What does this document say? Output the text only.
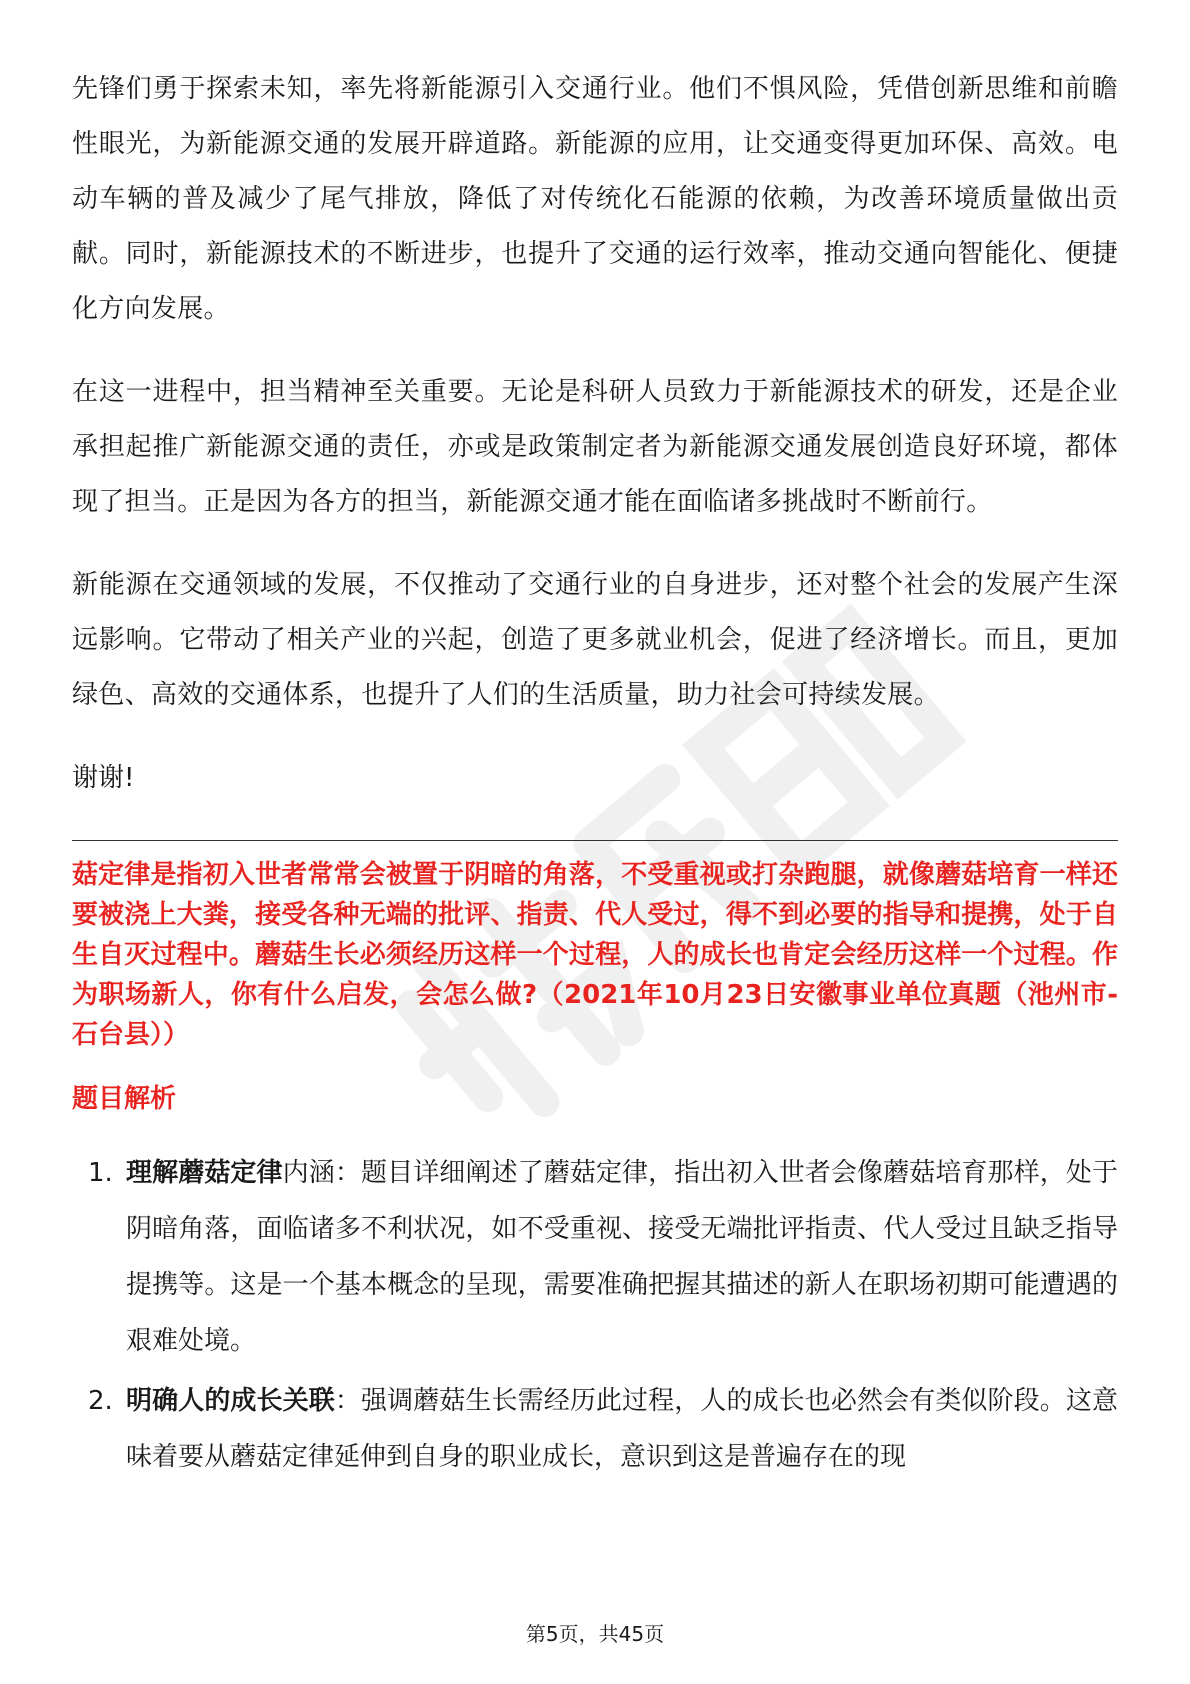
先锋们勇于探索未知，率先将新能源引入交通行业。他们不惧风险，凭借创新思维和前瞻性眼光，为新能源交通的发展开辟道路。新能源的应用，让交通变得更加环保、高效。电动车辆的普及减少了尾气排放，降低了对传统化石能源的依赖，为改善环境质量做出贡献。同时，新能源技术的不断进步，也提升了交通的运行效率，推动交通向智能化、便捷化方向发展。

在这一进程中，担当精神至关重要。无论是科研人员致力于新能源技术的研发，还是企业承担起推广新能源交通的责任，亦或是政策制定者为新能源交通发展创造良好环境，都体现了担当。正是因为各方的担当，新能源交通才能在面临诸多挑战时不断前行。

新能源在交通领域的发展，不仅推动了交通行业的自身进步，还对整个社会的发展产生深远影响。它带动了相关产业的兴起，创造了更多就业机会，促进了经济增长。而且，更加绿色、高效的交通体系，也提升了人们的生活质量，助力社会可持续发展。

谢谢!

菇定律是指初入世者常常会被置于阴暗的角落，不受重视或打杂跑腿，就像蘑菇培育一样还要被浇上大粪，接受各种无端的批评、指责、代人受过，得不到必要的指导和提携，处于自生自灭过程中。蘑菇生长必须经历这样一个过程，人的成长也肯定会经历这样一个过程。作为职场新人，你有什么启发，会怎么做?（2021年10月23日安徽事业单位真题（池州市-石台县））

题目解析

1. 理解蘑菇定律内涵：题目详细阐述了蘑菇定律，指出初入世者会像蘑菇培育那样，处于阴暗角落，面临诸多不利状况，如不受重视、接受无端批评指责、代人受过且缺乏指导提携等。这是一个基本概念的呈现，需要准确把握其描述的新人在职场初期可能遭遇的艰难处境。
2. 明确人的成长关联：强调蘑菇生长需经历此过程，人的成长也必然会有类似阶段。这意味着要从蘑菇定律延伸到自身的职业成长，意识到这是普遍存在的现
第5页，共45页
